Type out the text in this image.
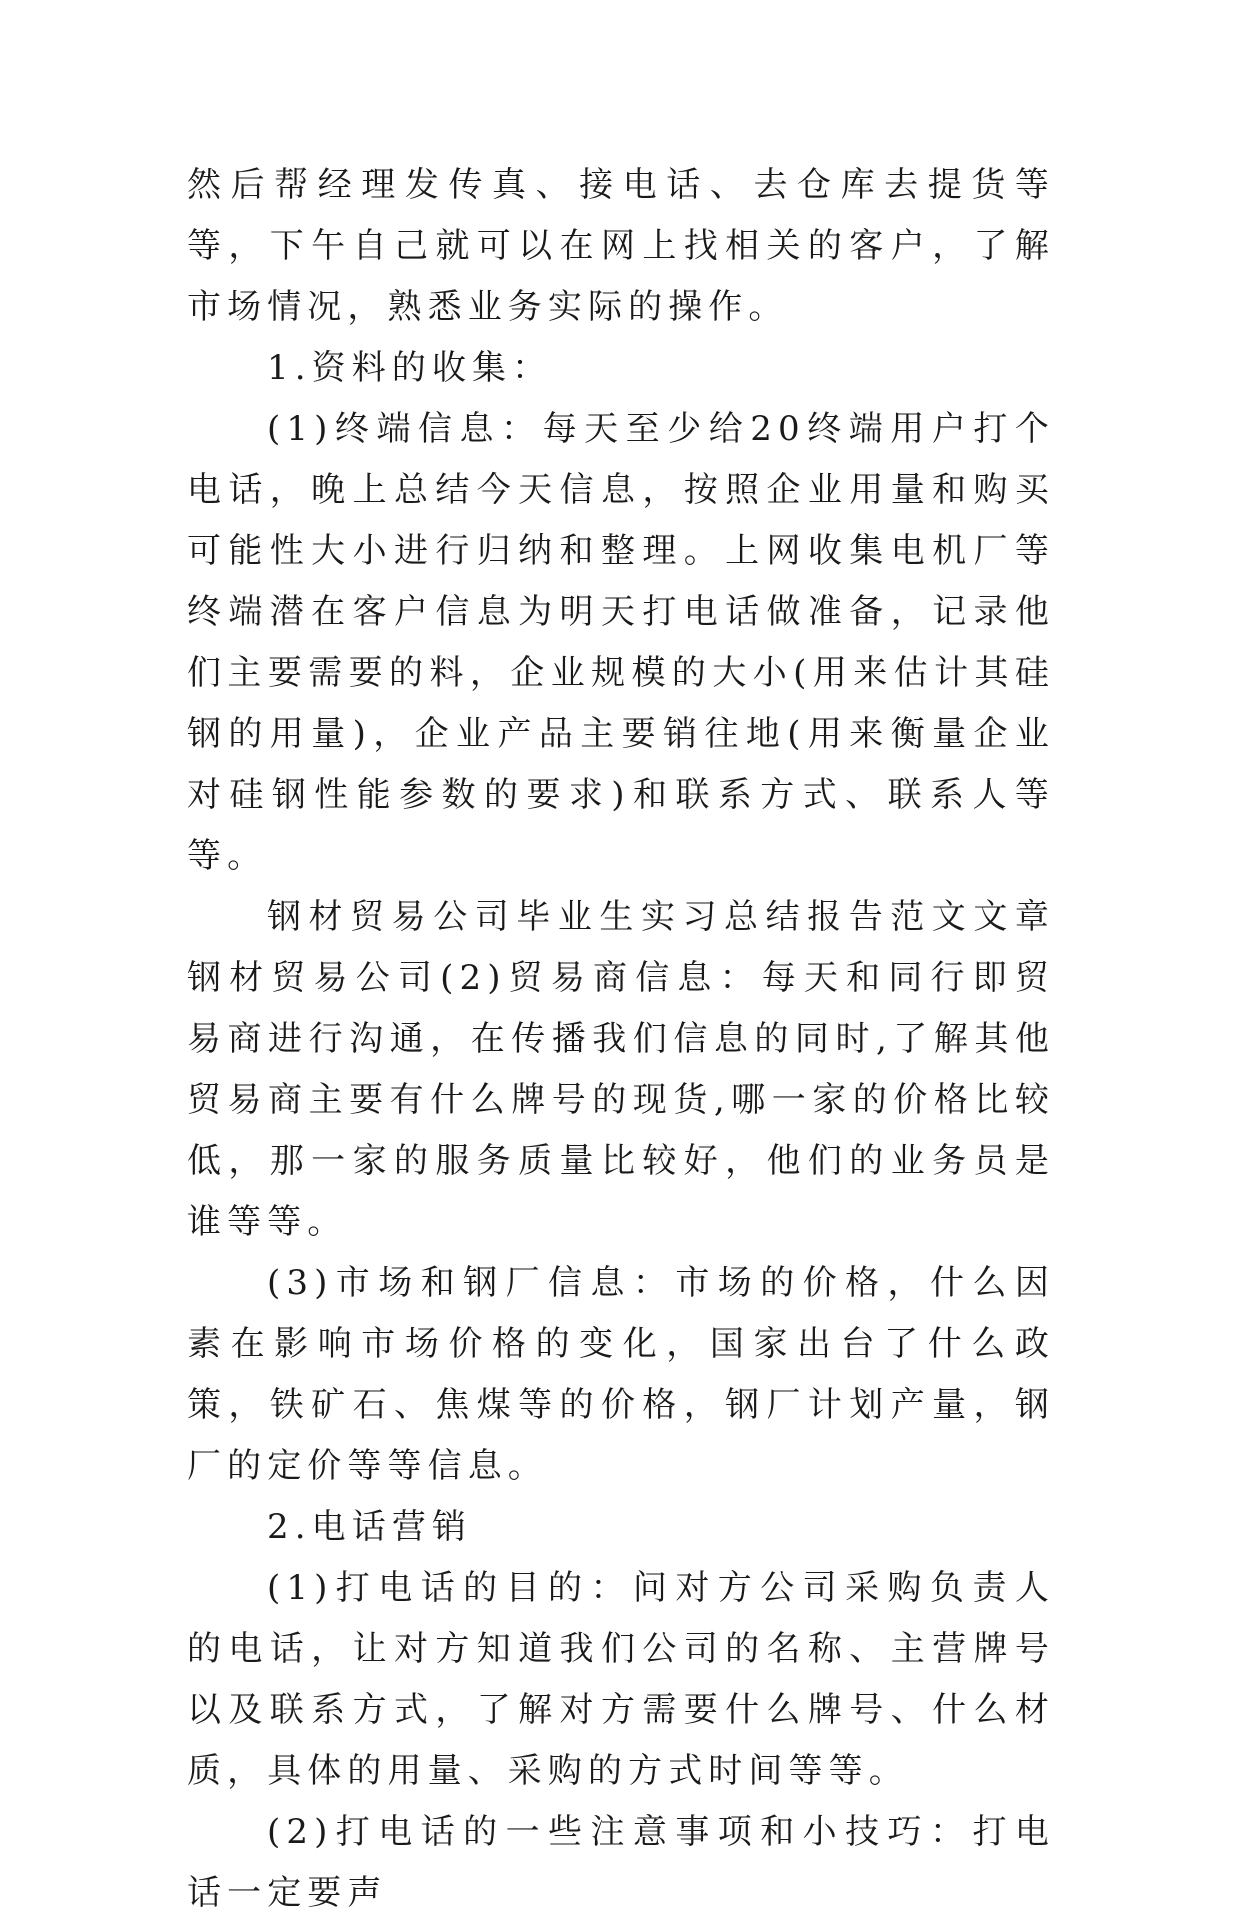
然后帮经理发传真、接电话、去仓库去提货等等，下午自己就可以在网上找相关的客户，了解市场情况，熟悉业务实际的操作。

1.资料的收集：

(1)终端信息：每天至少给20终端用户打个电话，晚上总结今天信息，按照企业用量和购买可能性大小进行归纳和整理。上网收集电机厂等终端潜在客户信息为明天打电话做准备，记录他们主要需要的料，企业规模的大小(用来估计其硅钢的用量)，企业产品主要销往地(用来衡量企业对硅钢性能参数的要求)和联系方式、联系人等等。

钢材贸易公司毕业生实习总结报告范文文章钢材贸易公司(2)贸易商信息：每天和同行即贸易商进行沟通，在传播我们信息的同时,了解其他贸易商主要有什么牌号的现货,哪一家的价格比较低，那一家的服务质量比较好，他们的业务员是谁等等。

(3)市场和钢厂信息：市场的价格，什么因素在影响市场价格的变化，国家出台了什么政策，铁矿石、焦煤等的价格，钢厂计划产量，钢厂的定价等等信息。

2.电话营销

(1)打电话的目的：问对方公司采购负责人的电话，让对方知道我们公司的名称、主营牌号以及联系方式，了解对方需要什么牌号、什么材质，具体的用量、采购的方式时间等等。

(2)打电话的一些注意事项和小技巧：打电话一定要声
